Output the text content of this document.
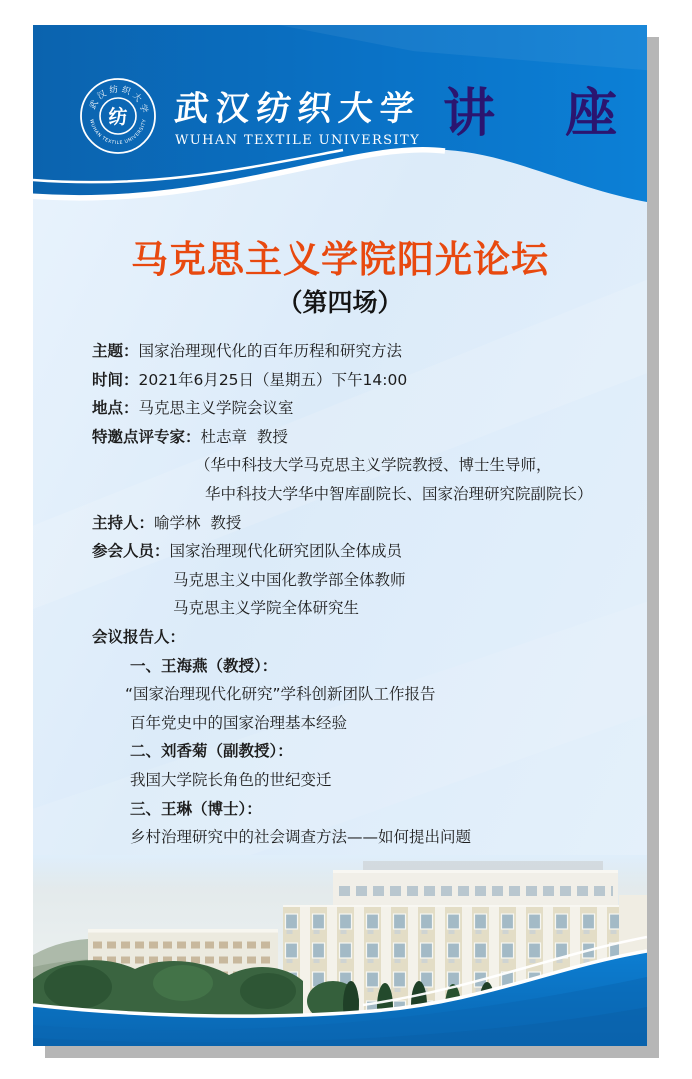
武汉纺织大学
WUHAN TEXTILE UNIVERSITY
纺 武汉纺织大学
WUHAN TEXTILE UNIVERSITY 讲 座
马克思主义学院阳光论坛
（第四场）

主题：国家治理现代化的百年历程和研究方法

时间：2021年6月25日（星期五）下午14:00

地点：马克思主义学院会议室

特邀点评专家：杜志章  教授

（华中科技大学马克思主义学院教授、博士生导师，

华中科技大学华中智库副院长、国家治理研究院副院长）

主持人：喻学林  教授

参会人员：国家治理现代化研究团队全体成员

马克思主义中国化教学部全体教师

马克思主义学院全体研究生

会议报告人：

一、王海燕（教授）：

“国家治理现代化研究”学科创新团队工作报告

百年党史中的国家治理基本经验

二、刘香菊（副教授）：

我国大学院长角色的世纪变迁

三、王琳（博士）：

乡村治理研究中的社会调查方法——如何提出问题
